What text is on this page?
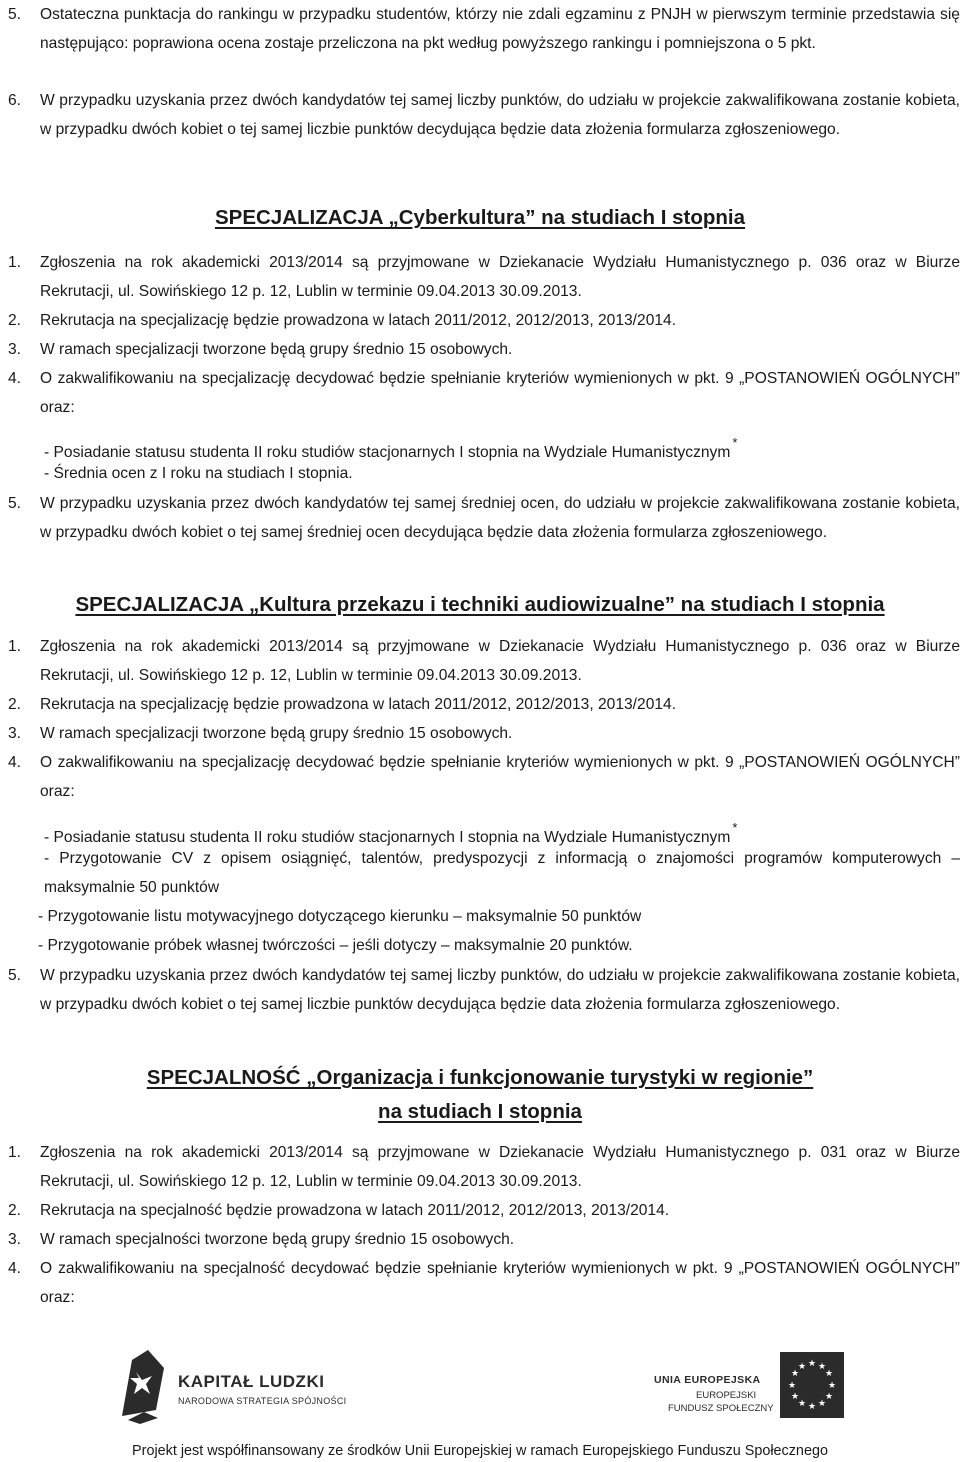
5. Ostateczna punktacja do rankingu w przypadku studentów, którzy nie zdali egzaminu z PNJH w pierwszym terminie przedstawia się następująco: poprawiona ocena zostaje przeliczona na pkt według powyższego rankingu i pomniejszona o 5 pkt.
6. W przypadku uzyskania przez dwóch kandydatów tej samej liczby punktów, do udziału w projekcie zakwalifikowana zostanie kobieta, w przypadku dwóch kobiet o tej samej liczbie punktów decydująca będzie data złożenia formularza zgłoszeniowego.
SPECJALIZACJA „Cyberkultura” na studiach I stopnia
1. Zgłoszenia na rok akademicki 2013/2014 są przyjmowane w Dziekanacie Wydziału Humanistycznego p. 036 oraz w Biurze Rekrutacji, ul. Sowińskiego 12 p. 12, Lublin w terminie 09.04.2013 30.09.2013.
2. Rekrutacja na specjalizację będzie prowadzona w latach 2011/2012, 2012/2013, 2013/2014.
3. W ramach specjalizacji tworzone będą grupy średnio 15 osobowych.
4. O zakwalifikowaniu na specjalizację decydować będzie spełnianie kryteriów wymienionych w pkt. 9 „POSTANOWIEŃ OGÓLNYCH” oraz:
- Posiadanie statusu studenta II roku studiów stacjonarnych I stopnia na Wydziale Humanistycznym*
- Średnia ocen z I roku na studiach I stopnia.
5. W przypadku uzyskania przez dwóch kandydatów tej samej średniej ocen, do udziału w projekcie zakwalifikowana zostanie kobieta, w przypadku dwóch kobiet o tej samej średniej ocen decydująca będzie data złożenia formularza zgłoszeniowego.
SPECJALIZACJA „Kultura przekazu i techniki audiowizualne” na studiach I stopnia
1. Zgłoszenia na rok akademicki 2013/2014 są przyjmowane w Dziekanacie Wydziału Humanistycznego p. 036 oraz w Biurze Rekrutacji, ul. Sowińskiego 12 p. 12, Lublin w terminie 09.04.2013 30.09.2013.
2. Rekrutacja na specjalizację będzie prowadzona w latach 2011/2012, 2012/2013, 2013/2014.
3. W ramach specjalizacji tworzone będą grupy średnio 15 osobowych.
4. O zakwalifikowaniu na specjalizację decydować będzie spełnianie kryteriów wymienionych w pkt. 9 „POSTANOWIEŃ OGÓLNYCH” oraz:
- Posiadanie statusu studenta II roku studiów stacjonarnych I stopnia na Wydziale Humanistycznym*
- Przygotowanie CV z opisem osiągnięć, talentów, predyspozycji z informacją o znajomości programów komputerowych – maksymalnie 50 punktów
- Przygotowanie listu motywacyjnego dotyczącego kierunku – maksymalnie 50 punktów
- Przygotowanie próbek własnej twórczości – jeśli dotyczy – maksymalnie 20 punktów.
5. W przypadku uzyskania przez dwóch kandydatów tej samej liczby punktów, do udziału w projekcie zakwalifikowana zostanie kobieta, w przypadku dwóch kobiet o tej samej liczbie punktów decydująca będzie data złożenia formularza zgłoszeniowego.
SPECJALNOŚĆ „Organizacja i funkcjonowanie turystyki w regionie”
na studiach I stopnia
1. Zgłoszenia na rok akademicki 2013/2014 są przyjmowane w Dziekanacie Wydziału Humanistycznego p. 031 oraz w Biurze Rekrutacji, ul. Sowińskiego 12 p. 12, Lublin w terminie 09.04.2013 30.09.2013.
2. Rekrutacja na specjalność będzie prowadzona w latach 2011/2012, 2012/2013, 2013/2014.
3. W ramach specjalności tworzone będą grupy średnio 15 osobowych.
4. O zakwalifikowaniu na specjalność decydować będzie spełnianie kryteriów wymienionych w pkt. 9 „POSTANOWIEŃ OGÓLNYCH” oraz:
KAPITAŁ LUDZKI
NARODOWA STRATEGIA SPÓJNOŚCI
UNIA EUROPEJSKA
EUROPEJSKI
FUNDUSZ SPOŁECZNY
★ ★
★
★
★
★
★
★
★
★
★
★
Projekt jest współfinansowany ze środków Unii Europejskiej w ramach Europejskiego Funduszu Społecznego
